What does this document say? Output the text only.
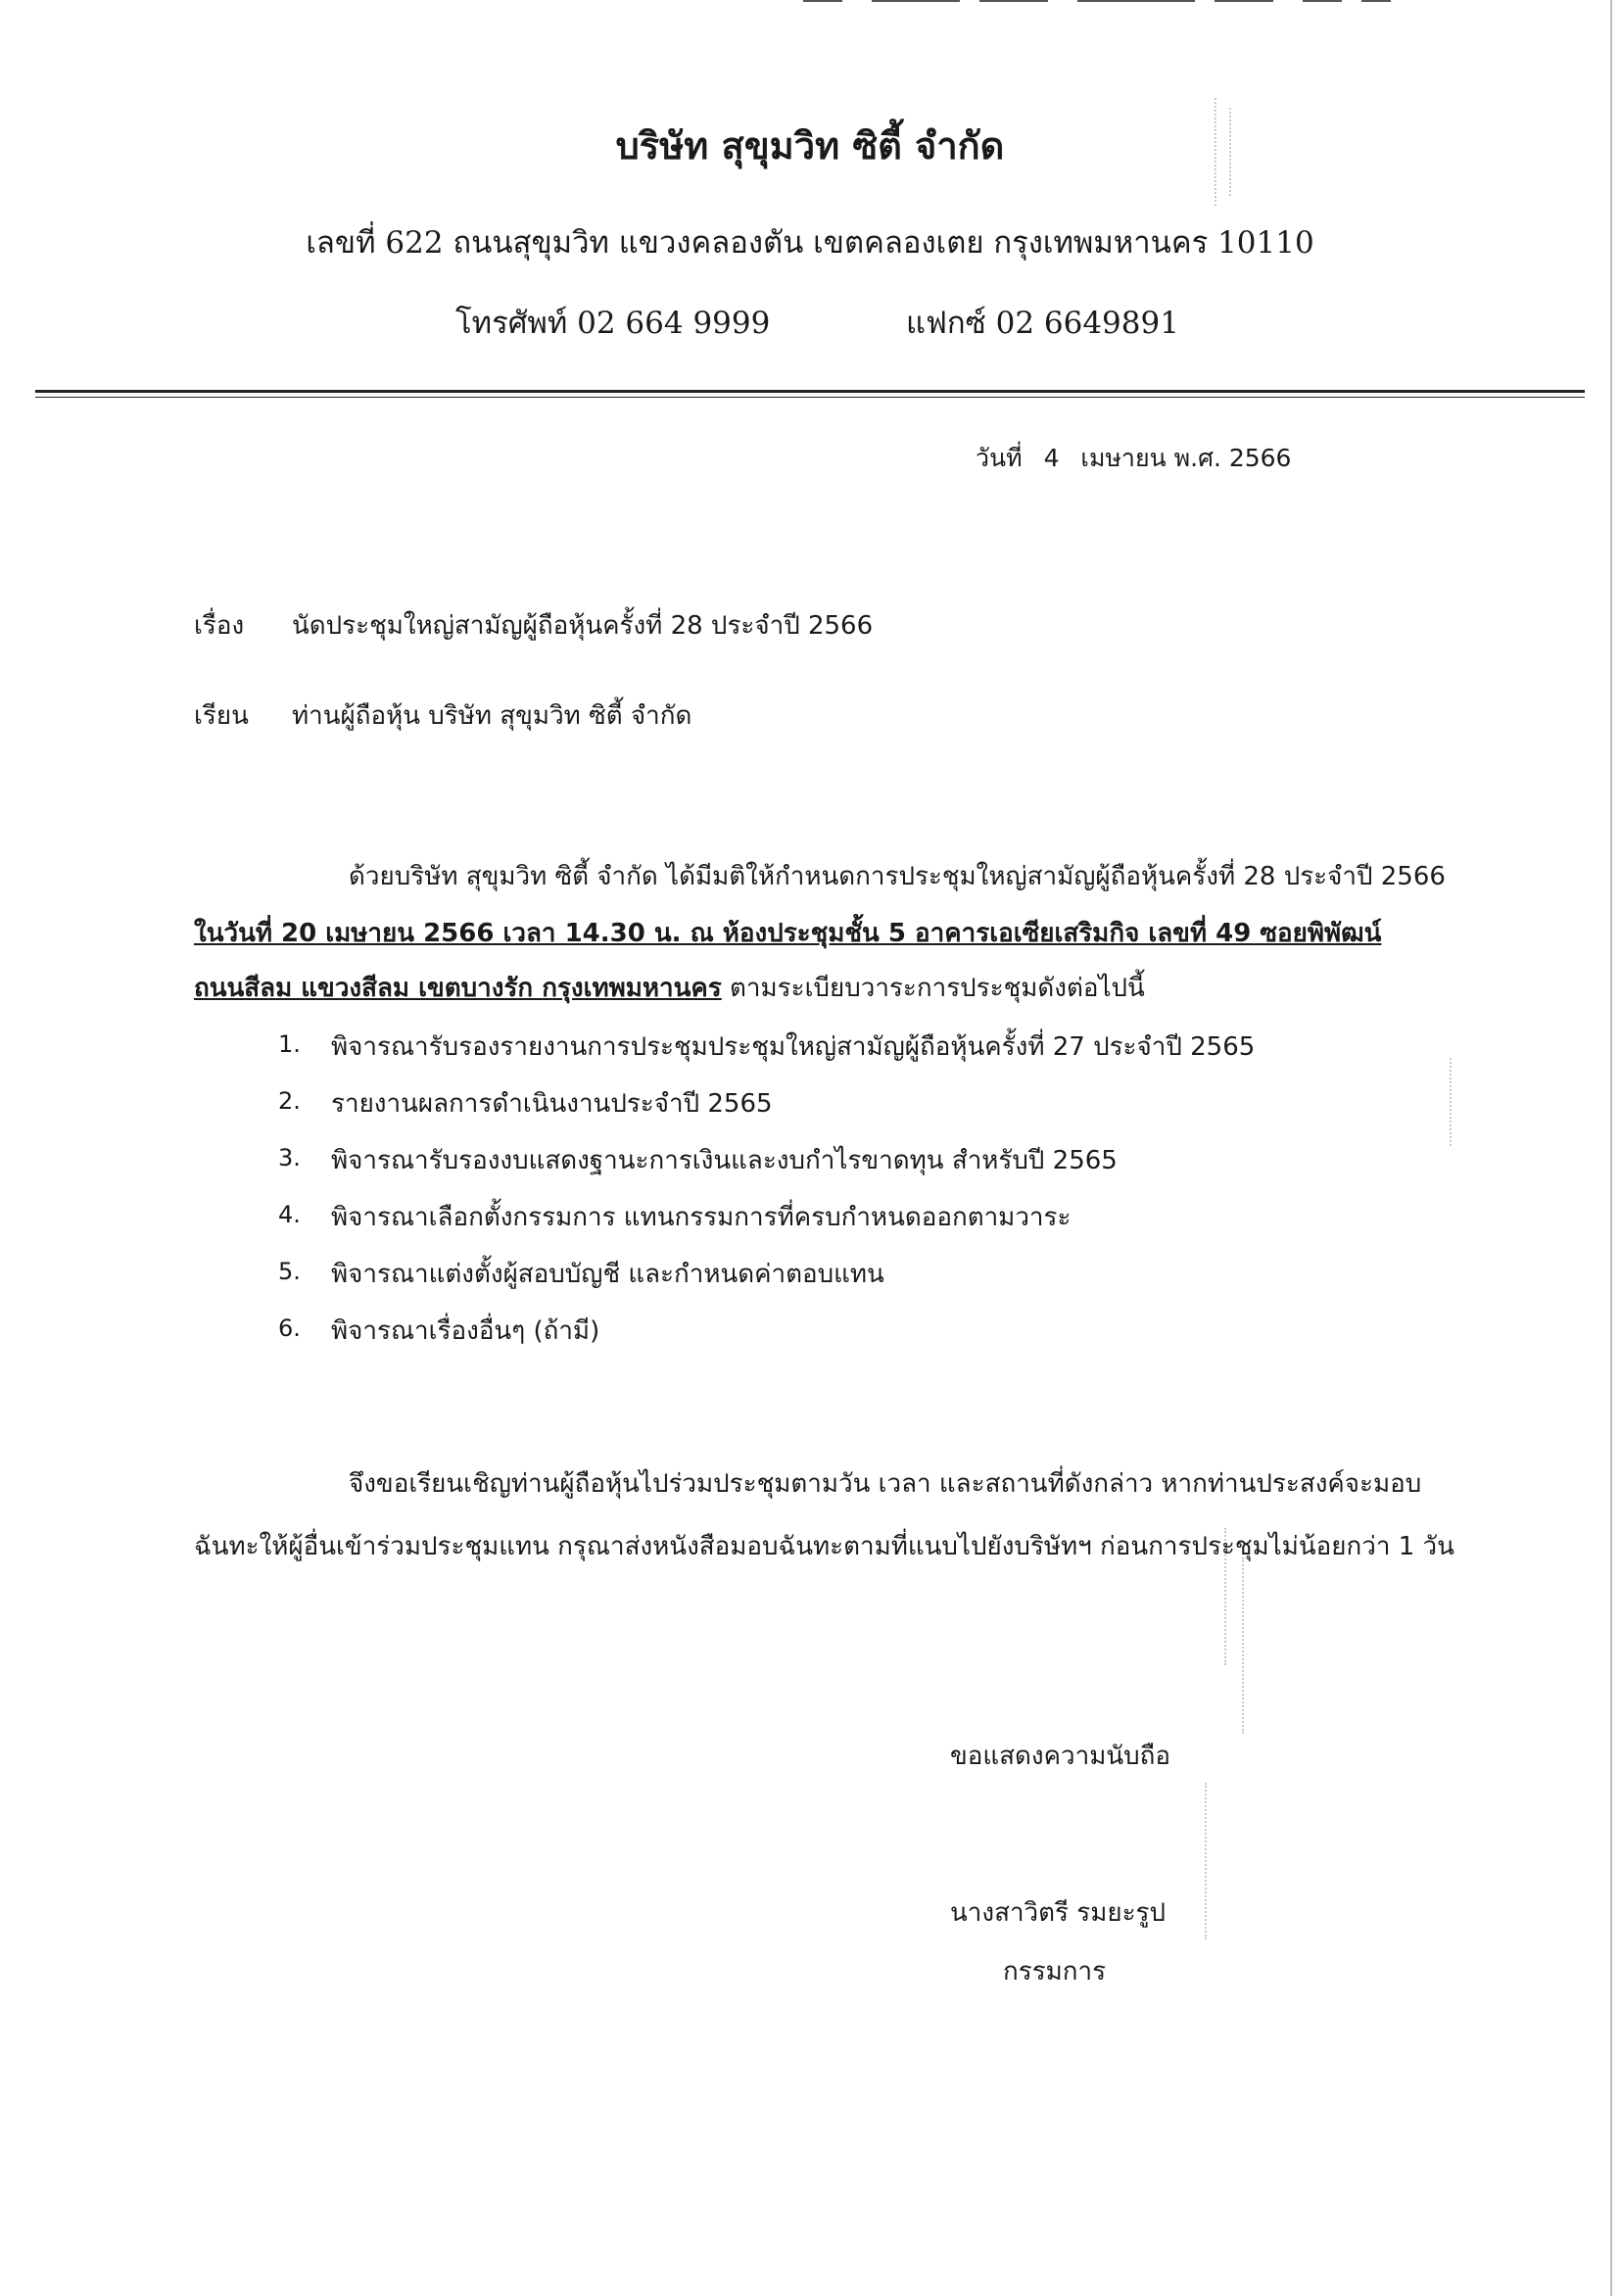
บริษัท สุขุมวิท ซิตี้ จำกัด
เลขที่ 622 ถนนสุขุมวิท แขวงคลองตัน เขตคลองเตย กรุงเทพมหานคร 10110
โทรศัพท์ 02 664 9999	แฟกซ์ 02 6649891
วันที่ 4 เมษายน พ.ศ. 2566
เรื่อง นัดประชุมใหญ่สามัญผู้ถือหุ้นครั้งที่ 28 ประจำปี 2566
เรียน ท่านผู้ถือหุ้น บริษัท สุขุมวิท ซิตี้ จำกัด
ด้วยบริษัท สุขุมวิท ซิตี้ จำกัด ได้มีมติให้กำหนดการประชุมใหญ่สามัญผู้ถือหุ้นครั้งที่ 28 ประจำปี 2566
ในวันที่ 20 เมษายน 2566 เวลา 14.30 น. ณ ห้องประชุมชั้น 5 อาคารเอเซียเสริมกิจ เลขที่ 49 ซอยพิพัฒน์
ถนนสีลม แขวงสีลม เขตบางรัก กรุงเทพมหานคร ตามระเบียบวาระการประชุมดังต่อไปนี้
1. พิจารณารับรองรายงานการประชุมประชุมใหญ่สามัญผู้ถือหุ้นครั้งที่ 27 ประจำปี 2565
2. รายงานผลการดำเนินงานประจำปี 2565
3. พิจารณารับรองงบแสดงฐานะการเงินและงบกำไรขาดทุน สำหรับปี 2565
4. พิจารณาเลือกตั้งกรรมการ แทนกรรมการที่ครบกำหนดออกตามวาระ
5. พิจารณาแต่งตั้งผู้สอบบัญชี และกำหนดค่าตอบแทน
6. พิจารณาเรื่องอื่นๆ (ถ้ามี)
จึงขอเรียนเชิญท่านผู้ถือหุ้นไปร่วมประชุมตามวัน เวลา และสถานที่ดังกล่าว หากท่านประสงค์จะมอบ
ฉันทะให้ผู้อื่นเข้าร่วมประชุมแทน กรุณาส่งหนังสือมอบฉันทะตามที่แนบไปยังบริษัทฯ ก่อนการประชุมไม่น้อยกว่า 1 วัน
ขอแสดงความนับถือ
นางสาวิตรี รมยะรูป
กรรมการ
